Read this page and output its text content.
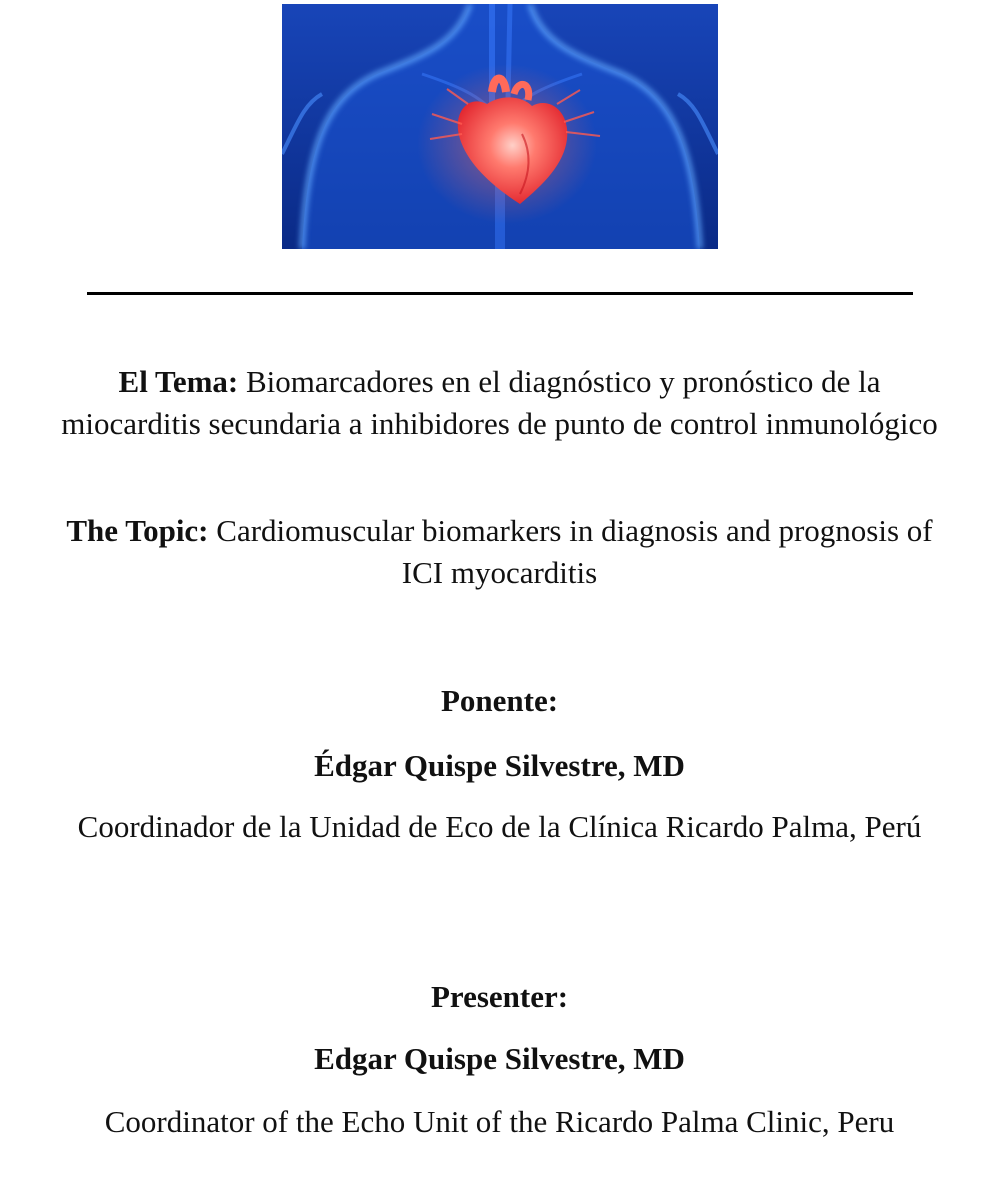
El Tema: Biomarcadores en el diagnóstico y pronóstico de la miocarditis secundaria a inhibidores de punto de control inmunológico
The Topic: Cardiomuscular biomarkers in diagnosis and prognosis of ICI myocarditis
Ponente:
Édgar Quispe Silvestre, MD
Coordinador de la Unidad de Eco de la Clínica Ricardo Palma, Perú
Presenter:
Edgar Quispe Silvestre, MD
Coordinator of the Echo Unit of the Ricardo Palma Clinic, Peru
